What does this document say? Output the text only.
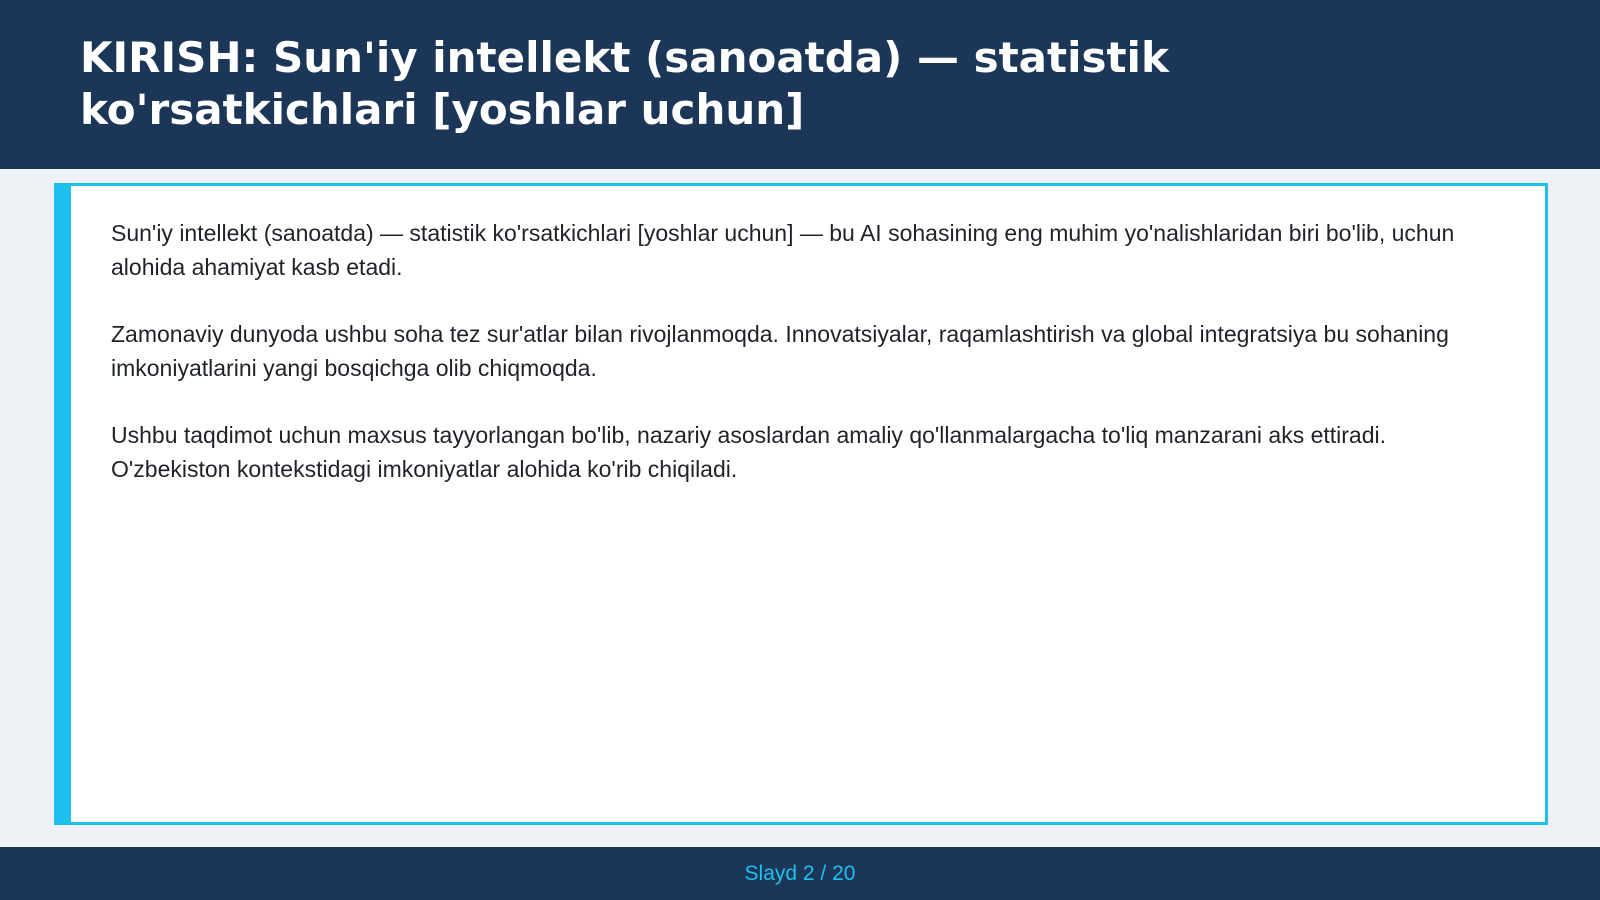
KIRISH: Sun'iy intellekt (sanoatda) — statistik ko'rsatkichlari [yoshlar uchun]

Sun'iy intellekt (sanoatda) — statistik ko'rsatkichlari [yoshlar uchun] — bu AI sohasining eng muhim yo'nalishlaridan biri bo'lib, uchun alohida ahamiyat kasb etadi.

Zamonaviy dunyoda ushbu soha tez sur'atlar bilan rivojlanmoqda. Innovatsiyalar, raqamlashtirish va global integratsiya bu sohaning imkoniyatlarini yangi bosqichga olib chiqmoqda.

Ushbu taqdimot uchun maxsus tayyorlangan bo'lib, nazariy asoslardan amaliy qo'llanmalargacha to'liq manzarani aks ettiradi. O'zbekiston kontekstidagi imkoniyatlar alohida ko'rib chiqiladi.

Slayd 2 / 20
